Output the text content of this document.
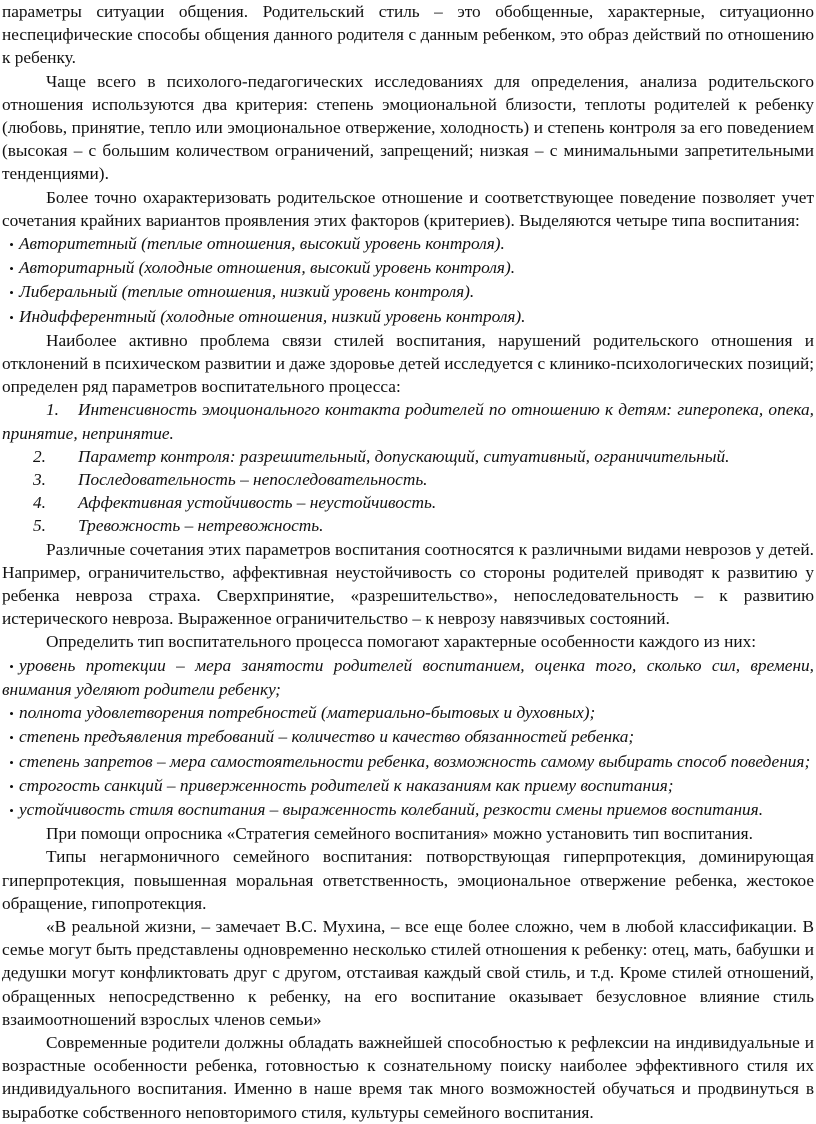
параметры ситуации общения. Родительский стиль – это обобщенные, характерные, ситуационно неспецифические способы общения данного родителя с данным ребенком, это образ действий по отношению к ребенку.

Чаще всего в психолого-педагогических исследованиях для определения, анализа родительского отношения используются два критерия: степень эмоциональной близости, теплоты родителей к ребенку (любовь, принятие, тепло или эмоциональное отвержение, холодность) и степень контроля за его поведением (высокая – с большим количеством ограничений, запрещений; низкая – с минимальными запретительными тенденциями).

Более точно охарактеризовать родительское отношение и соответствующее поведение позволяет учет сочетания крайних вариантов проявления этих факторов (критериев). Выделяются четыре типа воспитания:

• Авторитетный (теплые отношения, высокий уровень контроля).

• Авторитарный (холодные отношения, высокий уровень контроля).

• Либеральный (теплые отношения, низкий уровень контроля).

• Индифферентный (холодные отношения, низкий уровень контроля).

Наиболее активно проблема связи стилей воспитания, нарушений родительского отношения и отклонений в психическом развитии и даже здоровье детей исследуется с клинико-психологических позиций; определен ряд параметров воспитательного процесса:

1. Интенсивность эмоционального контакта родителей по отношению к детям: гиперопека, опека, принятие, непринятие.

2.	Параметр контроля: разрешительный, допускающий, ситуативный, ограничительный.
3.	Последовательность – непоследовательность.
4.	Аффективная устойчивость – неустойчивость.
5.	Тревожность – нетревожность.

Различные сочетания этих параметров воспитания соотносятся к различными видами неврозов у детей. Например, ограничительство, аффективная неустойчивость со стороны родителей приводят к развитию у ребенка невроза страха. Сверхпринятие, «разрешительство», непоследовательность – к развитию истерического невроза. Выраженное ограничительство – к неврозу навязчивых состояний.

Определить тип воспитательного процесса помогают характерные особенности каждого из них:

• уровень протекции – мера занятости родителей воспитанием, оценка того, сколько сил, времени, внимания уделяют родители ребенку;

• полнота удовлетворения потребностей (материально-бытовых и духовных);

• степень предъявления требований – количество и качество обязанностей ребенка;

• степень запретов – мера самостоятельности ребенка, возможность самому выбирать способ поведения;

• строгость санкций – приверженность родителей к наказаниям как приему воспитания;

• устойчивость стиля воспитания – выраженность колебаний, резкости смены приемов воспитания.

При помощи опросника «Стратегия семейного воспитания» можно установить тип воспитания.

Типы негармоничного семейного воспитания: потворствующая гиперпротекция, доминирующая гиперпротекция, повышенная моральная ответственность, эмоциональное отвержение ребенка, жестокое обращение, гипопротекция.

«В реальной жизни, – замечает В.С. Мухина, – все еще более сложно, чем в любой классификации. В семье могут быть представлены одновременно несколько стилей отношения к ребенку: отец, мать, бабушки и дедушки могут конфликтовать друг с другом, отстаивая каждый свой стиль, и т.д. Кроме стилей отношений, обращенных непосредственно к ребенку, на его воспитание оказывает безусловное влияние стиль взаимоотношений взрослых членов семьи»

Современные родители должны обладать важнейшей способностью к рефлексии на индивидуальные и возрастные особенности ребенка, готовностью к сознательному поиску наиболее эффективного стиля их индивидуального воспитания. Именно в наше время так много возможностей обучаться и продвинуться в выработке собственного неповторимого стиля, культуры семейного воспитания.
